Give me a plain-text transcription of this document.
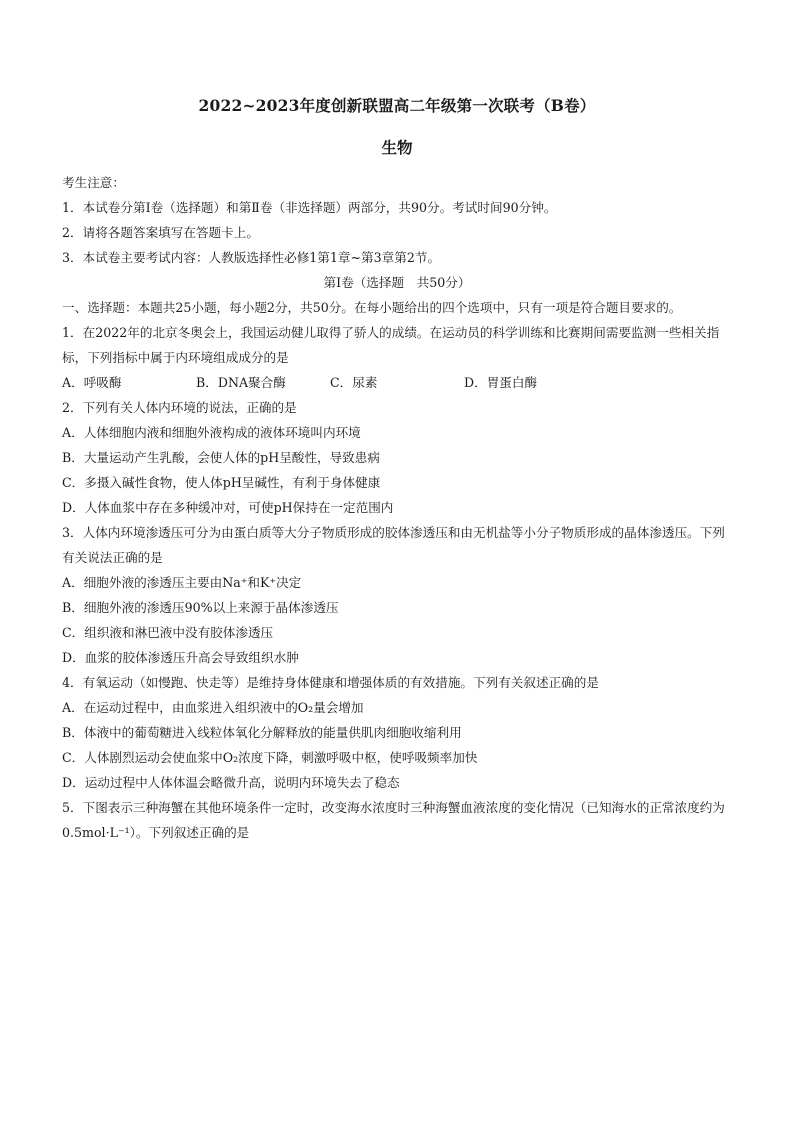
2022~2023年度创新联盟高二年级第一次联考（B卷）
生物
考生注意：
1．本试卷分第Ⅰ卷（选择题）和第Ⅱ卷（非选择题）两部分，共90分。考试时间90分钟。
2．请将各题答案填写在答题卡上。
3．本试卷主要考试内容：人教版选择性必修1第1章~第3章第2节。
第Ⅰ卷（选择题　共50分）
一、选择题：本题共25小题，每小题2分，共50分。在每小题给出的四个选项中，只有一项是符合题目要求的。
1．在2022年的北京冬奥会上，我国运动健儿取得了骄人的成绩。在运动员的科学训练和比赛期间需要监测一些相关指标，下列指标中属于内环境组成成分的是
A．呼吸酶	B．DNA聚合酶	C．尿素	D．胃蛋白酶
2．下列有关人体内环境的说法，正确的是
A．人体细胞内液和细胞外液构成的液体环境叫内环境
B．大量运动产生乳酸，会使人体的pH呈酸性，导致患病
C．多摄入碱性食物，使人体pH呈碱性，有利于身体健康
D．人体血浆中存在多种缓冲对，可使pH保持在一定范围内
3．人体内环境渗透压可分为由蛋白质等大分子物质形成的胶体渗透压和由无机盐等小分子物质形成的晶体渗透压。下列有关说法正确的是
A．细胞外液的渗透压主要由Na⁺和K⁺决定
B．细胞外液的渗透压90%以上来源于晶体渗透压
C．组织液和淋巴液中没有胶体渗透压
D．血浆的胶体渗透压升高会导致组织水肿
4．有氧运动（如慢跑、快走等）是维持身体健康和增强体质的有效措施。下列有关叙述正确的是
A．在运动过程中，由血浆进入组织液中的O₂量会增加
B．体液中的葡萄糖进入线粒体氧化分解释放的能量供肌肉细胞收缩利用
C．人体剧烈运动会使血浆中O₂浓度下降，刺激呼吸中枢，使呼吸频率加快
D．运动过程中人体体温会略微升高，说明内环境失去了稳态
5．下图表示三种海蟹在其他环境条件一定时，改变海水浓度时三种海蟹血液浓度的变化情况（已知海水的正常浓度约为0.5mol·L⁻¹）。下列叙述正确的是
